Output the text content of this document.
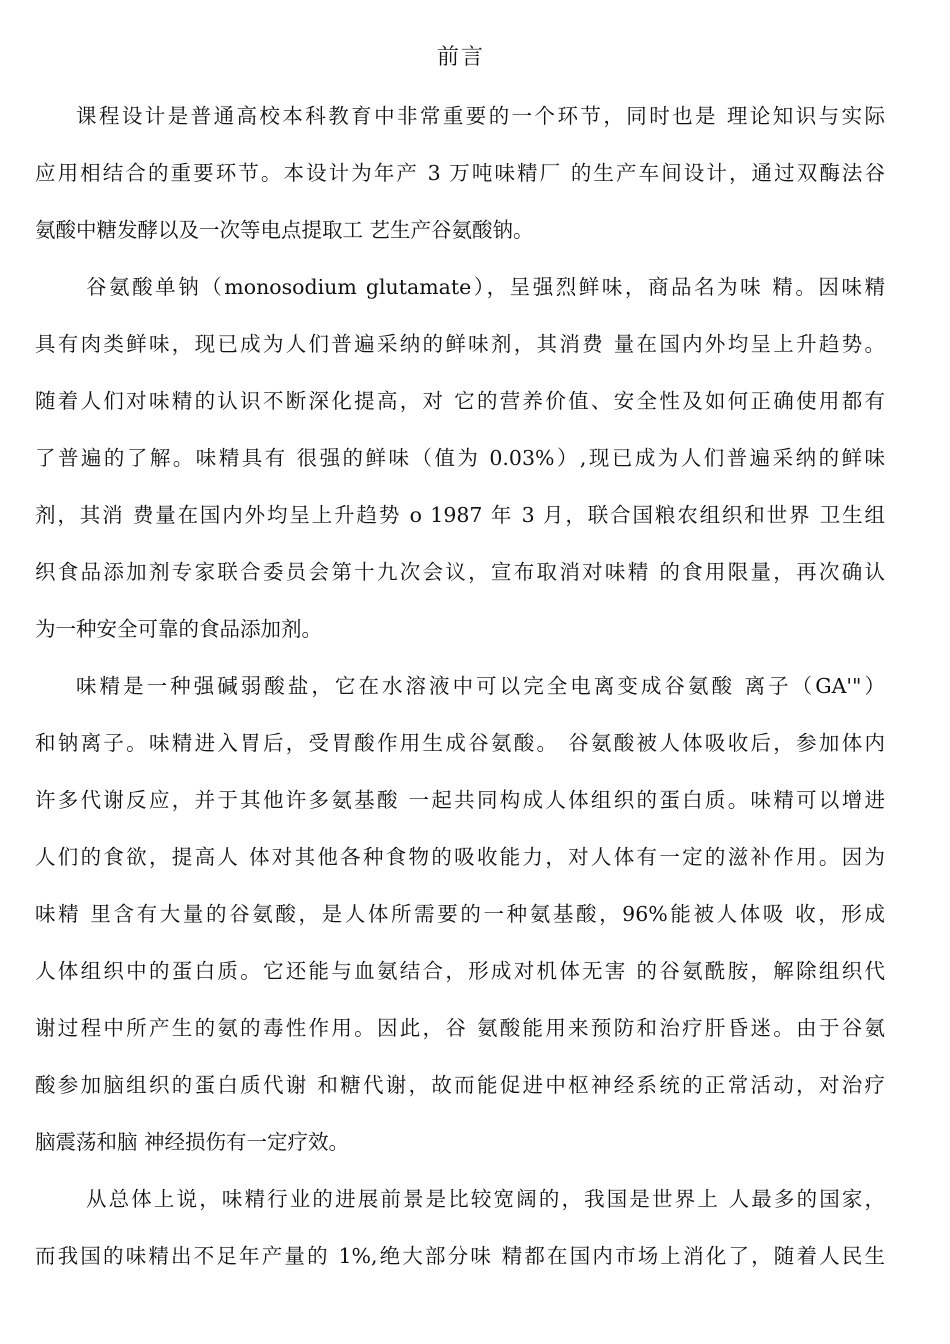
前言
课程设计是普通高校本科教育中非常重要的一个环节，同时也是 理论知识与实际
应用相结合的重要环节。本设计为年产 3 万吨味精厂 的生产车间设计，通过双酶法谷
氨酸中糖发酵以及一次等电点提取工 艺生产谷氨酸钠。
谷氨酸单钠（monosodium glutamate），呈强烈鲜味，商品名为味 精。因味精
具有肉类鲜味，现已成为人们普遍采纳的鲜味剂，其消费 量在国内外均呈上升趋势。
随着人们对味精的认识不断深化提高，对 它的营养价值、安全性及如何正确使用都有
了普遍的了解。味精具有 很强的鲜味（值为 0.03%）,现已成为人们普遍采纳的鲜味
剂，其消 费量在国内外均呈上升趋势 o 1987 年 3 月，联合国粮农组织和世界 卫生组
织食品添加剂专家联合委员会第十九次会议，宣布取消对味精 的食用限量，再次确认
为一种安全可靠的食品添加剂。
味精是一种强碱弱酸盐，它在水溶液中可以完全电离变成谷氨酸 离子（GA'"）
和钠离子。味精进入胃后，受胃酸作用生成谷氨酸。 谷氨酸被人体吸收后，参加体内
许多代谢反应，并于其他许多氨基酸 一起共同构成人体组织的蛋白质。味精可以增进
人们的食欲，提高人 体对其他各种食物的吸收能力，对人体有一定的滋补作用。因为
味精 里含有大量的谷氨酸，是人体所需要的一种氨基酸，96%能被人体吸 收，形成
人体组织中的蛋白质。它还能与血氨结合，形成对机体无害 的谷氨酰胺，解除组织代
谢过程中所产生的氨的毒性作用。因此，谷 氨酸能用来预防和治疗肝昏迷。由于谷氨
酸参加脑组织的蛋白质代谢 和糖代谢，故而能促进中枢神经系统的正常活动，对治疗
脑震荡和脑 神经损伤有一定疗效。
从总体上说，味精行业的进展前景是比较宽阔的，我国是世界上 人最多的国家，
而我国的味精出不足年产量的 1%,绝大部分味 精都在国内市场上消化了，随着人民生
